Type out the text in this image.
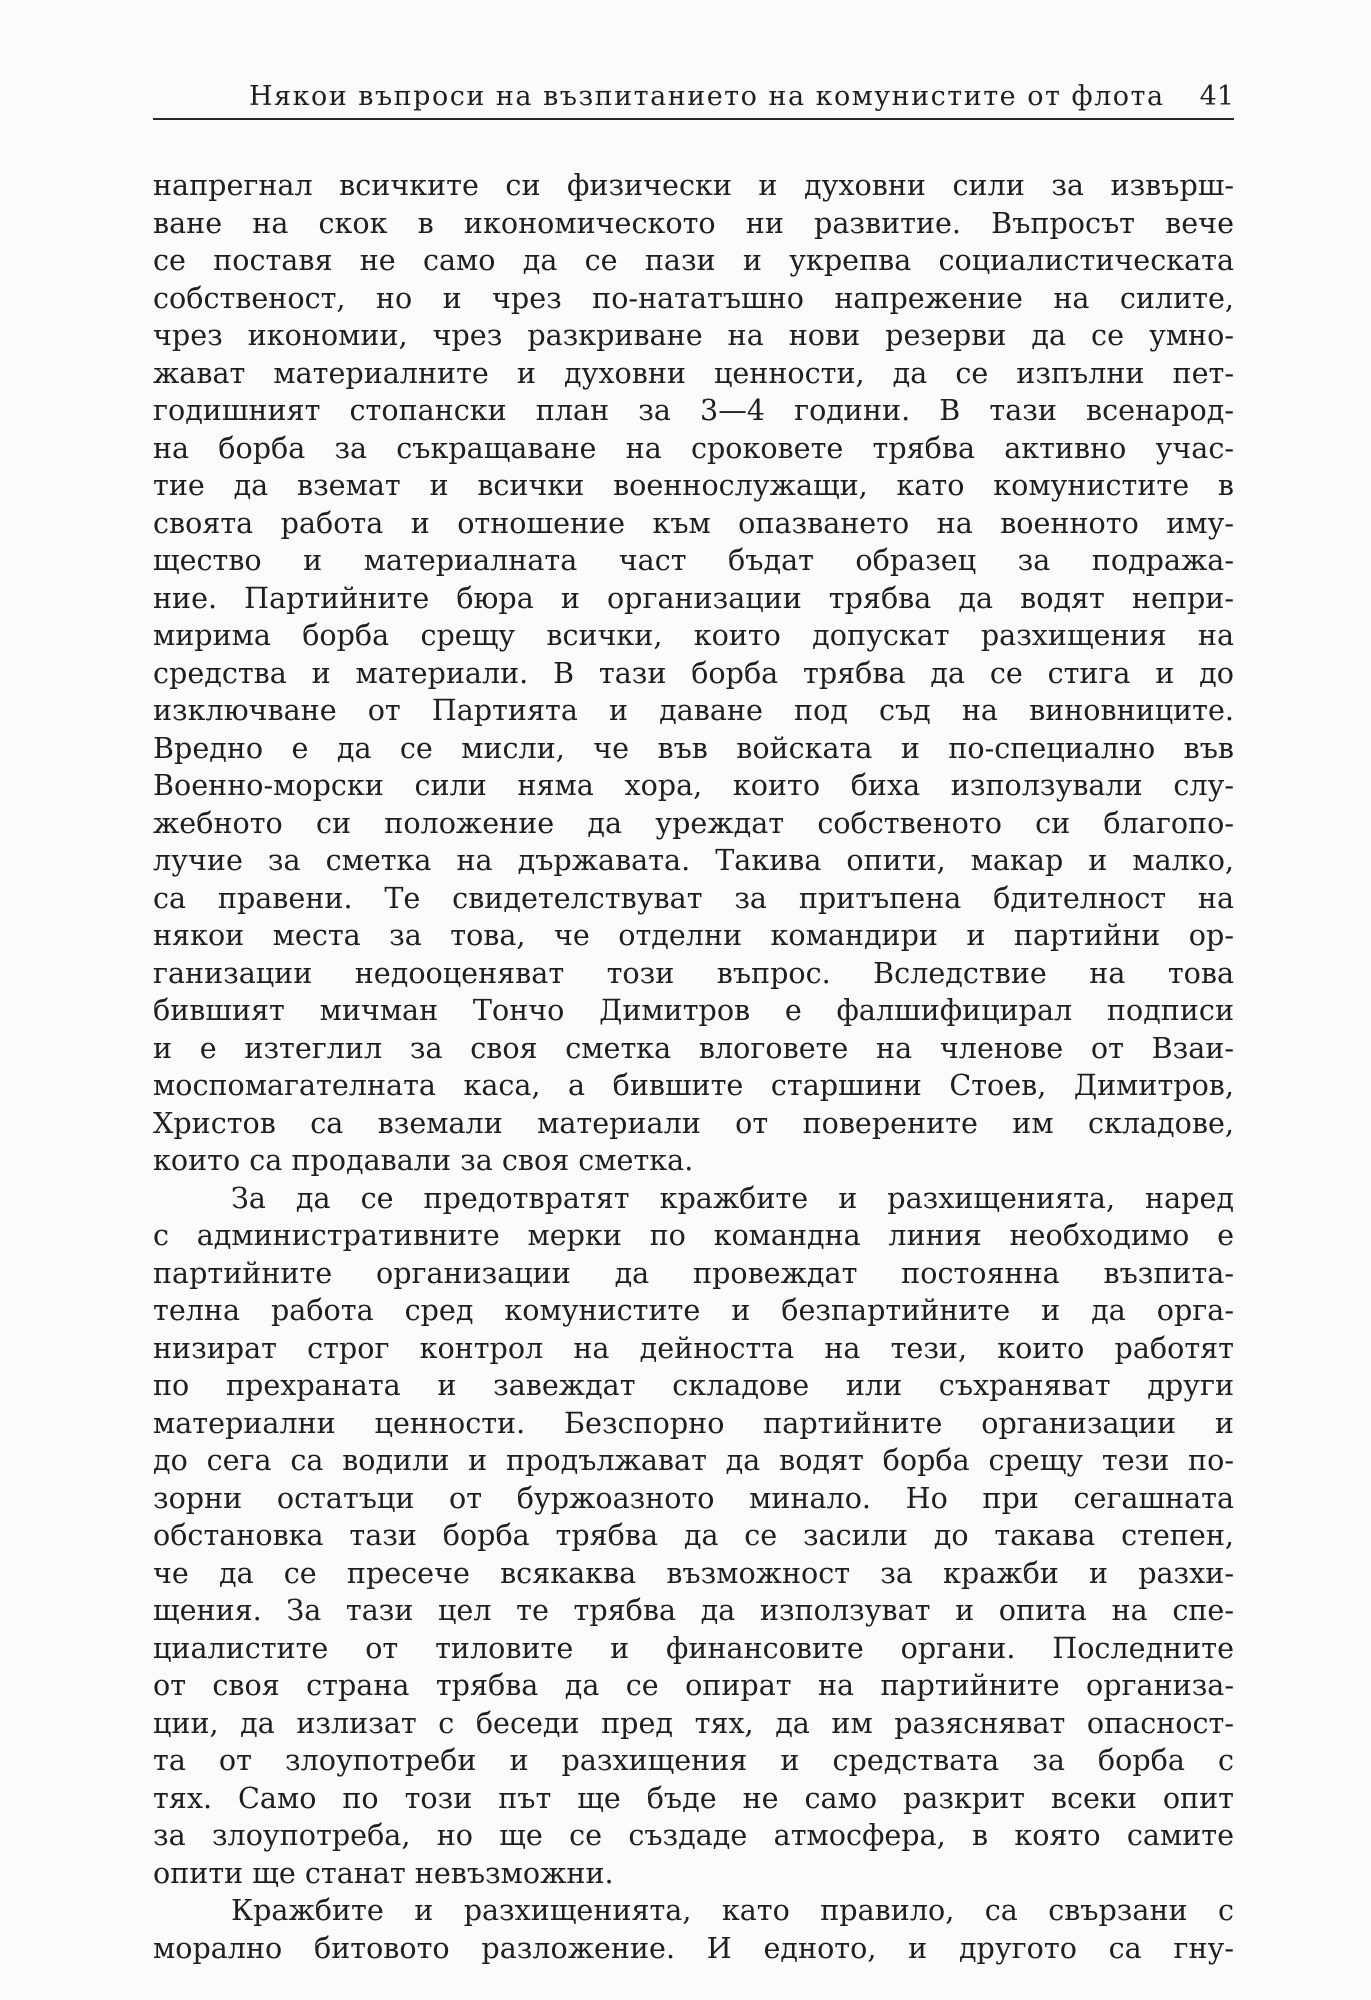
Някои въпроси на възпитанието на комунистите от флота 41
напрегнал всичките си физически и духовни сили за извърш-
ване на скок в икономическото ни развитие. Въпросът вече
се поставя не само да се пази и укрепва социалистическата
собственост, но и чрез по-нататъшно напрежение на силите,
чрез икономии, чрез разкриване на нови резерви да се умно-
жават материалните и духовни ценности, да се изпълни пет-
годишният стопански план за 3—4 години. В тази всенарод-
на борба за съкращаване на сроковете трябва активно учас-
тие да вземат и всички военнослужащи, като комунистите в
своята работа и отношение към опазването на военното иму-
щество и материалната част бъдат образец за подража-
ние. Партийните бюра и организации трябва да водят непри-
мирима борба срещу всички, които допускат разхищения на
средства и материали. В тази борба трябва да се стига и до
изключване от Партията и даване под съд на виновниците.
Вредно е да се мисли, че във войската и по-специално във
Военно-морски сили няма хора, които биха използували слу-
жебното си положение да уреждат собственото си благопо-
лучие за сметка на държавата. Такива опити, макар и малко,
са правени. Те свидетелствуват за притъпена бдителност на
някои места за това, че отделни командири и партийни ор-
ганизации недооценяват този въпрос. Вследствие на това
бившият мичман Тончо Димитров е фалшифицирал подписи
и е изтеглил за своя сметка влоговете на членове от Взаи-
моспомагателната каса, а бившите старшини Стоев, Димитров,
Христов са вземали материали от поверените им складове,
които са продавали за своя сметка.
За да се предотвратят кражбите и разхищенията, наред
с административните мерки по командна линия необходимо е
партийните организации да провеждат постоянна възпита-
телна работа сред комунистите и безпартийните и да орга-
низират строг контрол на дейността на тези, които работят
по прехраната и завеждат складове или съхраняват други
материални ценности. Безспорно партийните организации и
до сега са водили и продължават да водят борба срещу тези по-
зорни остатъци от буржоазното минало. Но при сегашната
обстановка тази борба трябва да се засили до такава степен,
че да се пресече всякаква възможност за кражби и разхи-
щения. За тази цел те трябва да използуват и опита на спе-
циалистите от тиловите и финансовите органи. Последните
от своя страна трябва да се опират на партийните организа-
ции, да излизат с беседи пред тях, да им разясняват опасност-
та от злоупотреби и разхищения и средствата за борба с
тях. Само по този път ще бъде не само разкрит всеки опит
за злоупотреба, но ще се създаде атмосфера, в която самите
опити ще станат невъзможни.
Кражбите и разхищенията, като правило, са свързани с
морално битовото разложение. И едното, и другото са гну-
